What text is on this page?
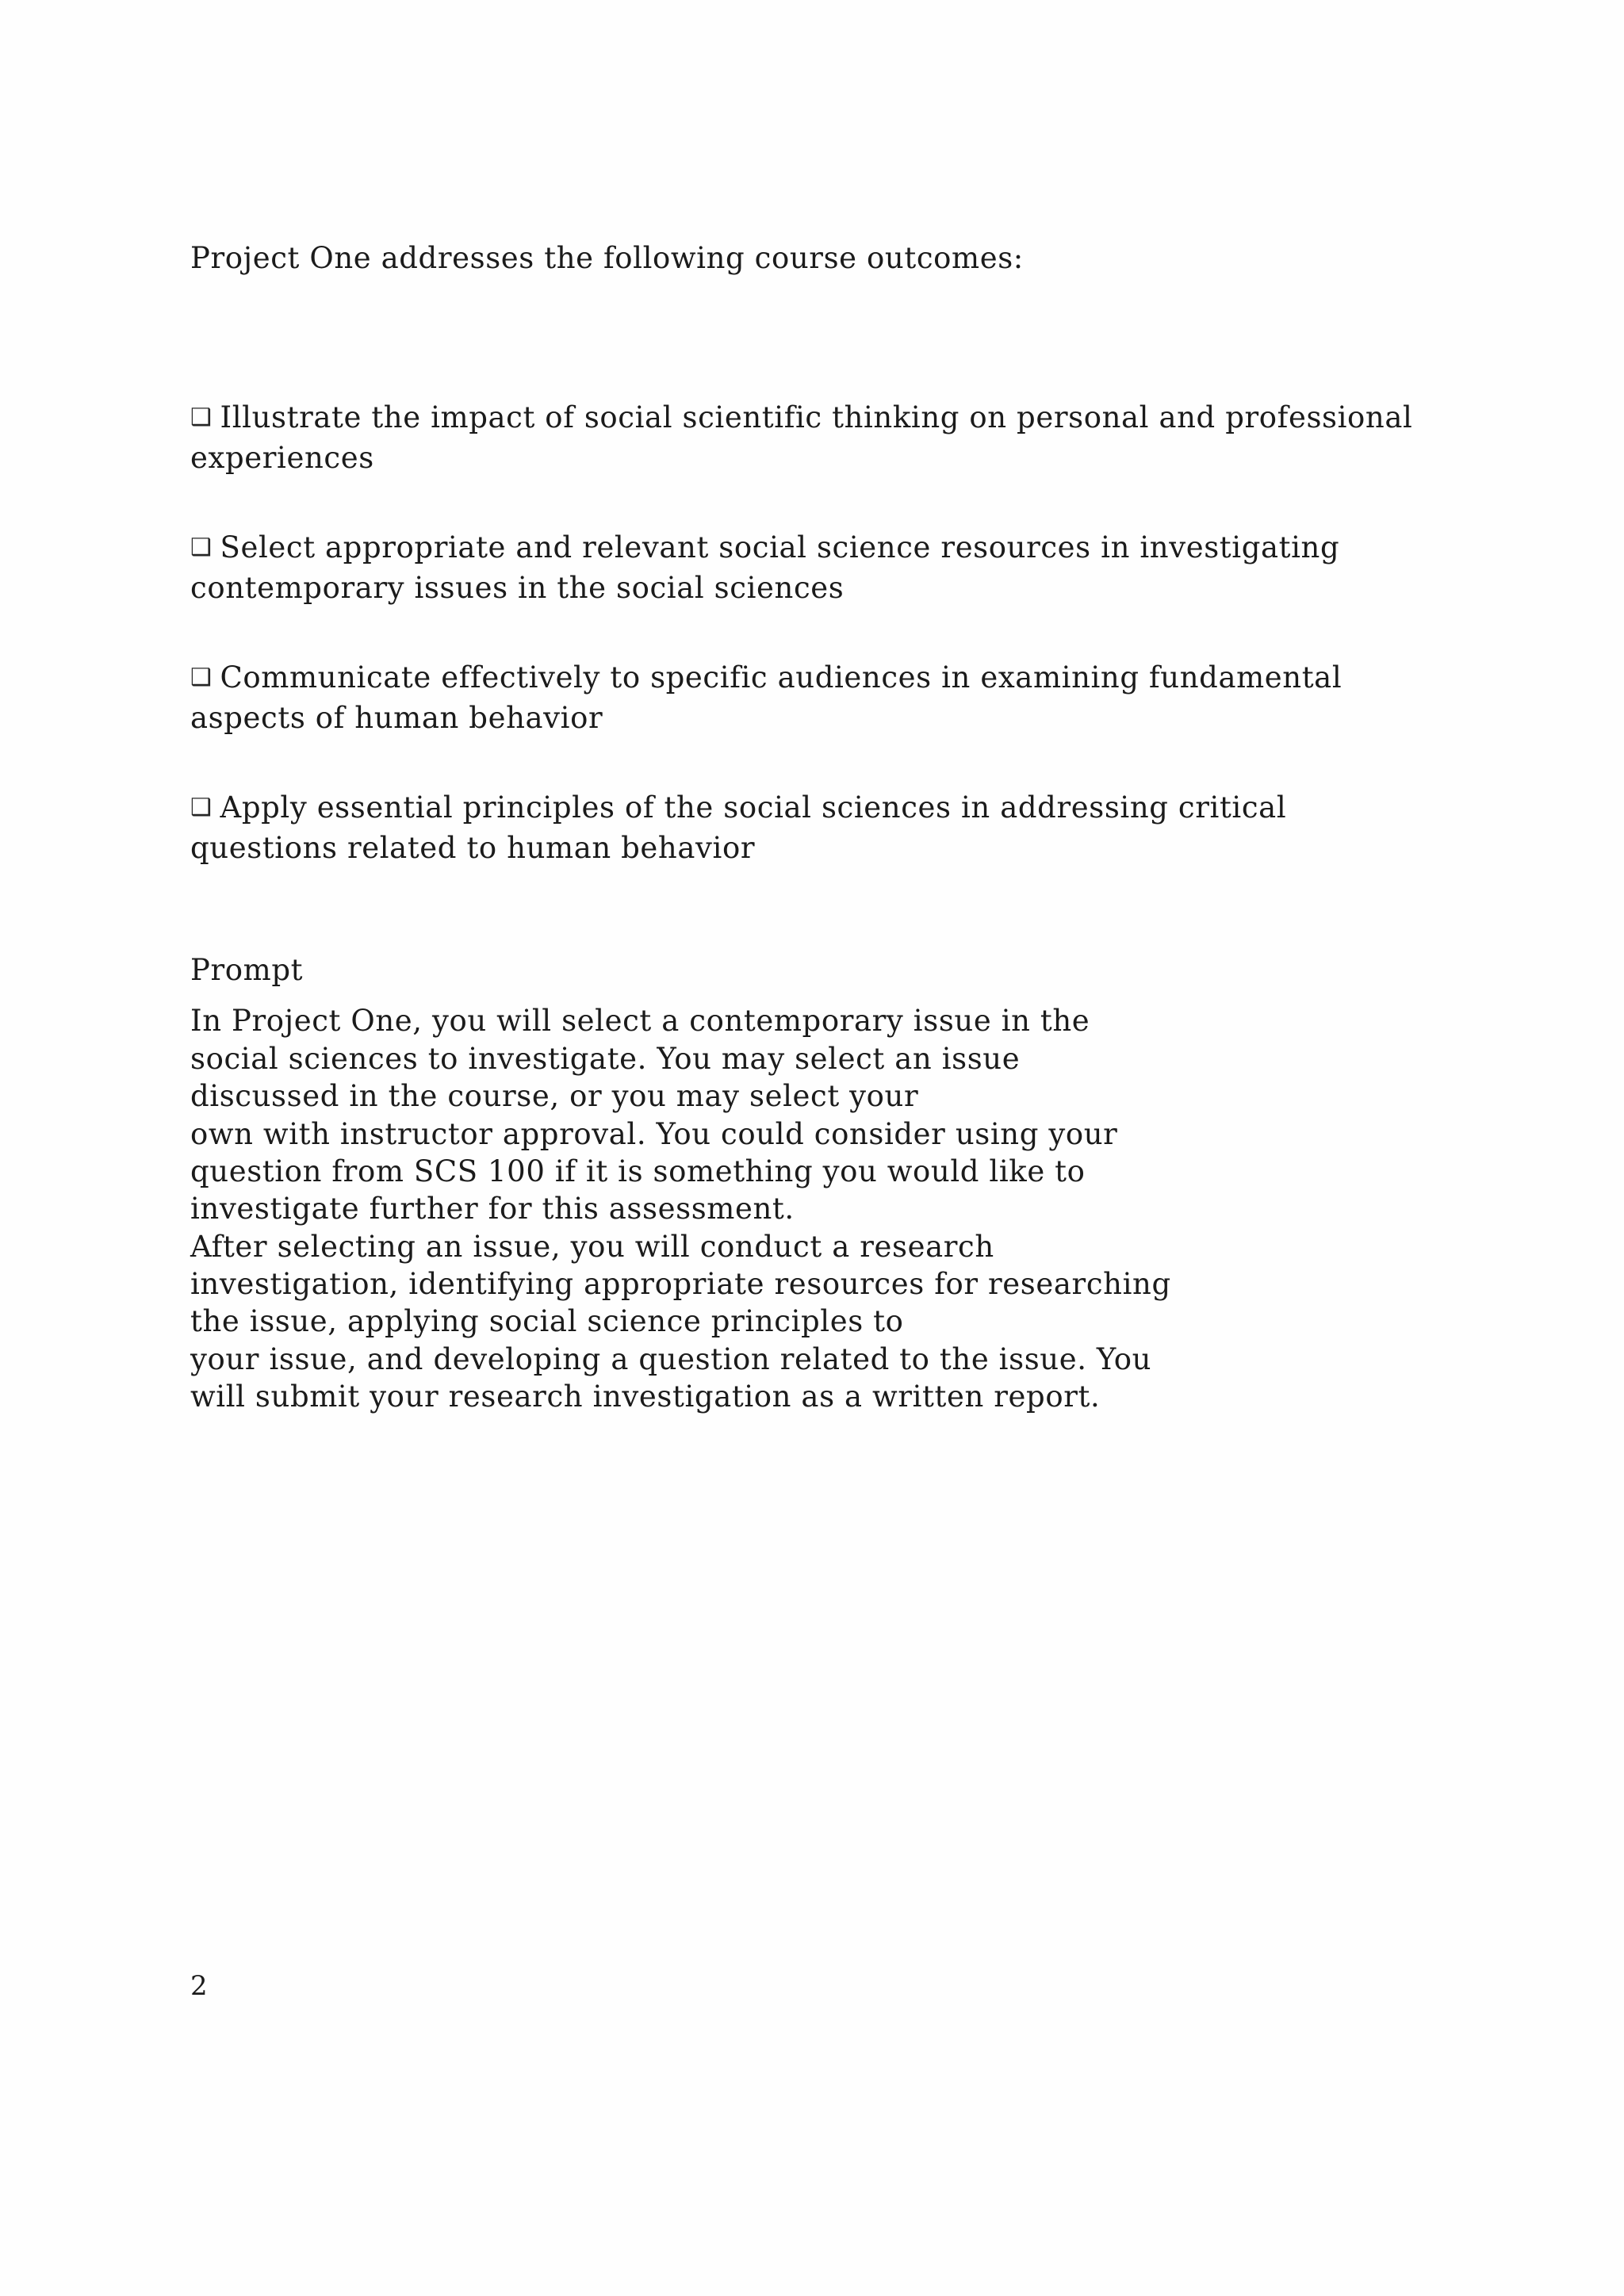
Project One addresses the following course outcomes:

❑ Illustrate the impact of social scientific thinking on personal and professional experiences

❑ Select appropriate and relevant social science resources in investigating contemporary issues in the social sciences

❑ Communicate effectively to specific audiences in examining fundamental aspects of human behavior

❑ Apply essential principles of the social sciences in addressing critical questions related to human behavior

Prompt

In Project One, you will select a contemporary issue in the
social sciences to investigate. You may select an issue
discussed in the course, or you may select your
own with instructor approval. You could consider using your
question from SCS 100 if it is something you would like to
investigate further for this assessment.
After selecting an issue, you will conduct a research
investigation, identifying appropriate resources for researching
the issue, applying social science principles to
your issue, and developing a question related to the issue. You
will submit your research investigation as a written report.
2
